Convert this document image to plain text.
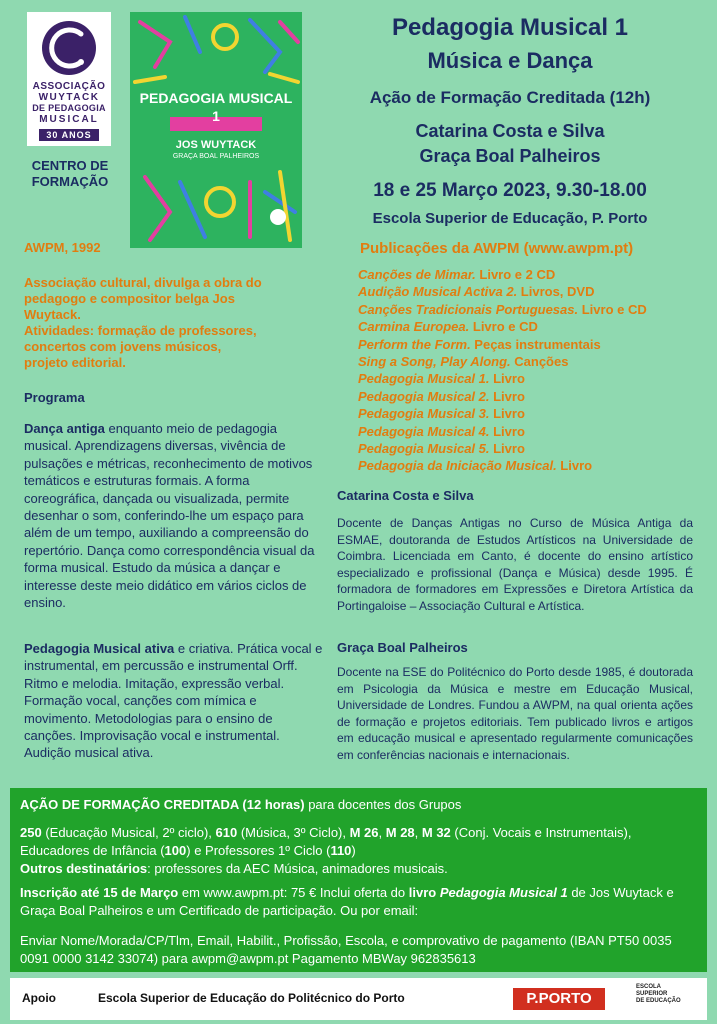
ASSOCIAÇÃO
WUYTACK
DE PEDAGOGIA
MUSICAL
30 ANOS
CENTRO DE
FORMAÇÃO
PEDAGOGIA MUSICAL
1
JOS WUYTACK
GRAÇA BOAL PALHEIROS
Pedagogia Musical 1
Música e Dança
Ação de Formação Creditada (12h)
Catarina Costa e Silva
Graça Boal Palheiros
18 e 25 Março 2023, 9.30-18.00
Escola Superior de Educação, P. Porto
AWPM, 1992
Associação cultural, divulga a obra do
pedagogo e compositor belga Jos
Wuytack.
Atividades: formação de professores,
concertos com jovens músicos,
projeto editorial.
Programa
Dança antiga enquanto meio de pedagogia musical. Aprendizagens diversas, vivência de pulsações e métricas, reconhecimento de motivos temáticos e estruturas formais. A forma coreográfica, dançada ou visualizada, permite desenhar o som, conferindo-lhe um espaço para além de um tempo, auxiliando a compreensão do repertório. Dança como correspondência visual da forma musical. Estudo da música a dançar e interesse deste meio didático em vários ciclos de ensino.
Pedagogia Musical ativa e criativa. Prática vocal e instrumental, em percussão e instrumental Orff. Ritmo e melodia. Imitação, expressão verbal. Formação vocal, canções com mímica e movimento. Metodologias para o ensino de canções. Improvisação vocal e instrumental. Audição musical ativa.
Publicações da AWPM (www.awpm.pt)
Canções de Mimar. Livro e 2 CD
Audição Musical Activa 2. Livros, DVD
Canções Tradicionais Portuguesas. Livro e CD
Carmina Europea. Livro e CD
Perform the Form. Peças instrumentais
Sing a Song, Play Along. Canções
Pedagogia Musical 1. Livro
Pedagogia Musical 2. Livro
Pedagogia Musical 3. Livro
Pedagogia Musical 4. Livro
Pedagogia Musical 5. Livro
Pedagogia da Iniciação Musical. Livro
Catarina Costa e Silva
Docente de Danças Antigas no Curso de Música Antiga da ESMAE, doutoranda de Estudos Artísticos na Universidade de Coimbra. Licenciada em Canto, é docente do ensino artístico especializado e profissional (Dança e Música) desde 1995. É formadora de formadores em Expressões e Diretora Artística da Portingaloise – Associação Cultural e Artística.
Graça Boal Palheiros
Docente na ESE do Politécnico do Porto desde 1985, é doutorada em Psicologia da Música e mestre em Educação Musical, Universidade de Londres. Fundou a AWPM, na qual orienta ações de formação e projetos editoriais. Tem publicado livros e artigos em educação musical e apresentado regularmente comunicações em conferências nacionais e internacionais.
AÇÃO DE FORMAÇÃO CREDITADA (12 horas) para docentes dos Grupos
250 (Educação Musical, 2º ciclo), 610 (Música, 3º Ciclo), M 26, M 28, M 32 (Conj. Vocais e Instrumentais), Educadores de Infância (100) e Professores 1º Ciclo (110)
Outros destinatários: professores da AEC Música, animadores musicais.
Inscrição até 15 de Março em www.awpm.pt: 75 € Inclui oferta do livro Pedagogia Musical 1 de Jos Wuytack e Graça Boal Palheiros e um Certificado de participação. Ou por email:
Enviar Nome/Morada/CP/Tlm, Email, Habilit., Profissão, Escola, e comprovativo de pagamento (IBAN PT50 0035 0091 0000 3142 33074) para awpm@awpm.pt Pagamento MBWay 962835613
Apoio	Escola Superior de Educação do Politécnico do Porto	P.PORTO
ESCOLA
SUPERIOR
DE EDUCAÇÃO
